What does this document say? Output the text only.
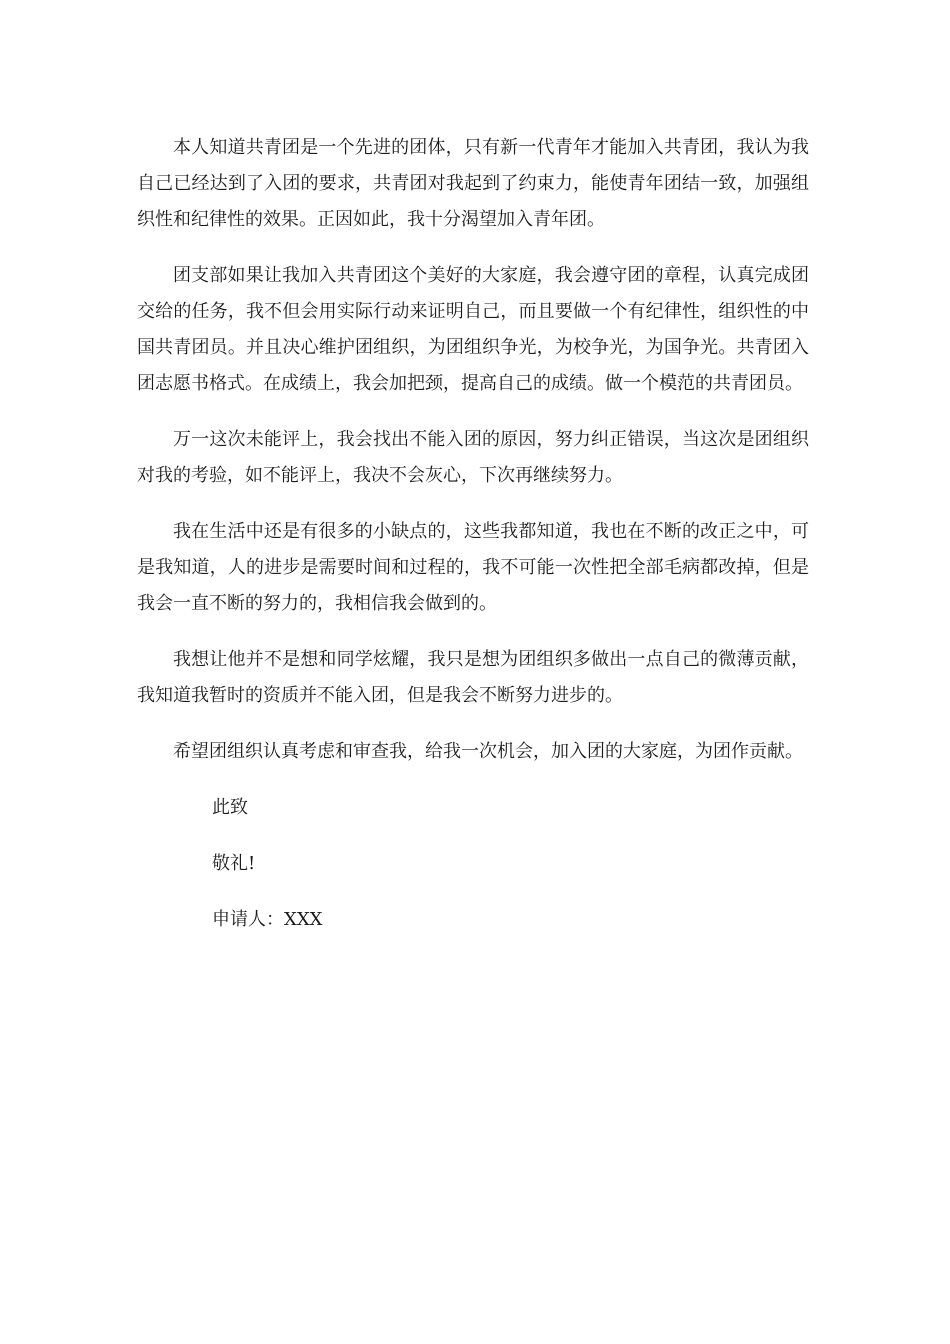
本人知道共青团是一个先进的团体，只有新一代青年才能加入共青团，我认为我自己已经达到了入团的要求，共青团对我起到了约束力，能使青年团结一致，加强组织性和纪律性的效果。正因如此，我十分渴望加入青年团。

团支部如果让我加入共青团这个美好的大家庭，我会遵守团的章程，认真完成团交给的任务，我不但会用实际行动来证明自己，而且要做一个有纪律性，组织性的中国共青团员。并且决心维护团组织，为团组织争光，为校争光，为国争光。共青团入团志愿书格式。在成绩上，我会加把颈，提高自己的成绩。做一个模范的共青团员。

万一这次未能评上，我会找出不能入团的原因，努力纠正错误，当这次是团组织对我的考验，如不能评上，我决不会灰心，下次再继续努力。

我在生活中还是有很多的小缺点的，这些我都知道，我也在不断的改正之中，可是我知道，人的进步是需要时间和过程的，我不可能一次性把全部毛病都改掉，但是我会一直不断的努力的，我相信我会做到的。

我想让他并不是想和同学炫耀，我只是想为团组织多做出一点自己的微薄贡献，我知道我暂时的资质并不能入团，但是我会不断努力进步的。

希望团组织认真考虑和审查我，给我一次机会，加入团的大家庭，为团作贡献。

此致

敬礼!

申请人：XXX
